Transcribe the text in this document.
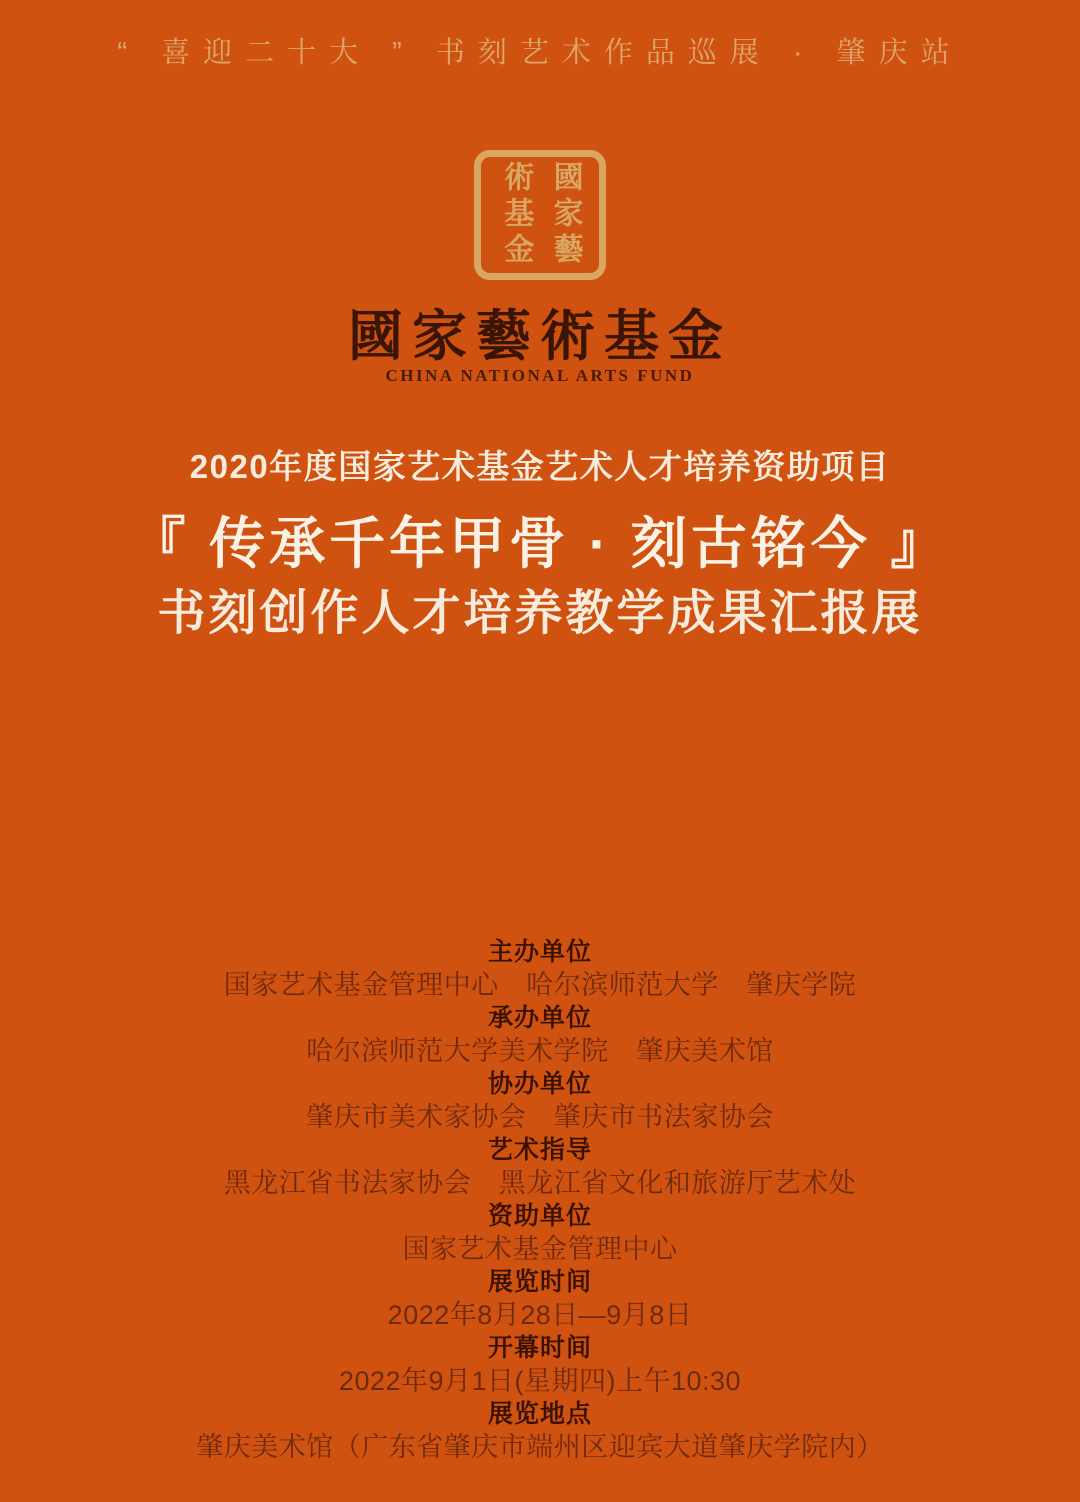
“ 喜迎二十大 ” 书刻艺术作品巡展 · 肇庆站
術基金 國家藝
國家藝術基金
CHINA NATIONAL ARTS FUND
2020年度国家艺术基金艺术人才培养资助项目
『 传承千年甲骨 · 刻古铭今 』
书刻创作人才培养教学成果汇报展
主办单位
国家艺术基金管理中心　哈尔滨师范大学　肇庆学院
承办单位
哈尔滨师范大学美术学院　肇庆美术馆
协办单位
肇庆市美术家协会　肇庆市书法家协会
艺术指导
黑龙江省书法家协会　黑龙江省文化和旅游厅艺术处
资助单位
国家艺术基金管理中心
展览时间
2022年8月28日—9月8日
开幕时间
2022年9月1日(星期四)上午10:30
展览地点
肇庆美术馆（广东省肇庆市端州区迎宾大道肇庆学院内）
